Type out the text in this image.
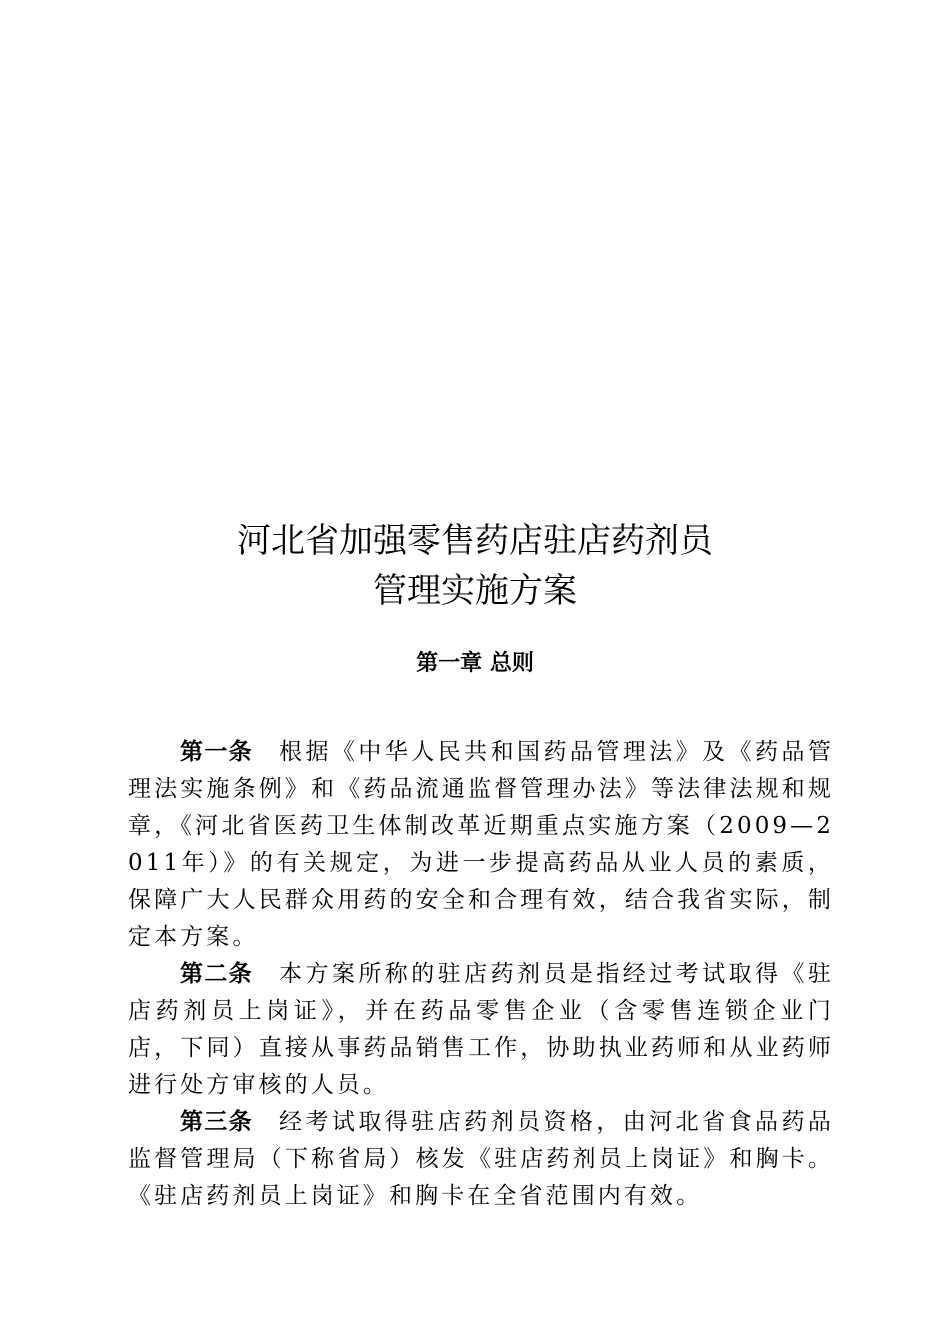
河北省加强零售药店驻店药剂员
管理实施方案
第一章 总则

第一条 根据《中华人民共和国药品管理法》及《药品管理法实施条例》和《药品流通监督管理办法》等法律法规和规章，《河北省医药卫生体制改革近期重点实施方案（2009—2011年）》的有关规定，为进一步提高药品从业人员的素质，保障广大人民群众用药的安全和合理有效，结合我省实际，制定本方案。

第二条 本方案所称的驻店药剂员是指经过考试取得《驻店药剂员上岗证》，并在药品零售企业（含零售连锁企业门店，下同）直接从事药品销售工作，协助执业药师和从业药师进行处方审核的人员。

第三条 经考试取得驻店药剂员资格，由河北省食品药品监督管理局（下称省局）核发《驻店药剂员上岗证》和胸卡。《驻店药剂员上岗证》和胸卡在全省范围内有效。
